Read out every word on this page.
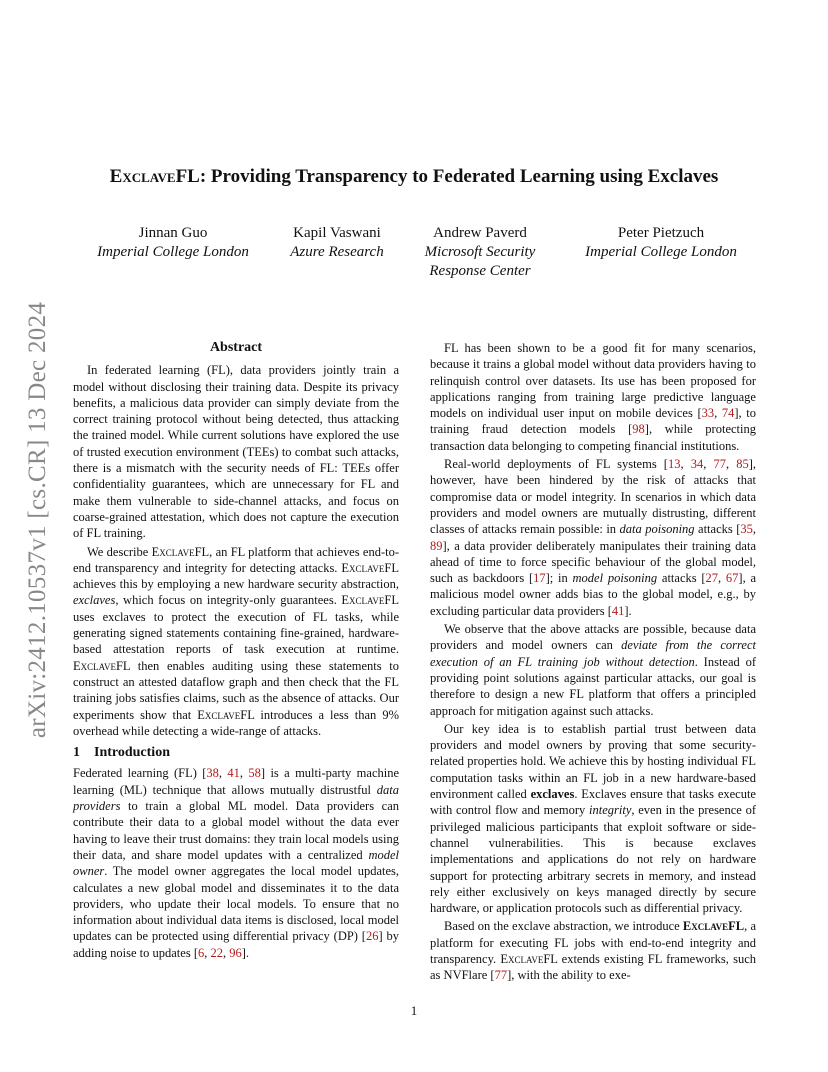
arXiv:2412.10537v1 [cs.CR] 13 Dec 2024
ExclaveFL: Providing Transparency to Federated Learning using Exclaves
Jinnan Guo
Imperial College London
Kapil Vaswani
Azure Research
Andrew Paverd
Microsoft Security
Response Center
Peter Pietzuch
Imperial College London
Abstract

In federated learning (FL), data providers jointly train a model without disclosing their training data. Despite its privacy benefits, a malicious data provider can simply deviate from the correct training protocol without being detected, thus attacking the trained model. While current solutions have explored the use of trusted execution environment (TEEs) to combat such attacks, there is a mismatch with the security needs of FL: TEEs offer confidentiality guarantees, which are unnecessary for FL and make them vulnerable to side-channel attacks, and focus on coarse-grained attestation, which does not capture the execution of FL training.

We describe ExclaveFL, an FL platform that achieves end-to-end transparency and integrity for detecting attacks. ExclaveFL achieves this by employing a new hardware security abstraction, exclaves, which focus on integrity-only guarantees. ExclaveFL uses exclaves to protect the execution of FL tasks, while generating signed statements containing fine-grained, hardware-based attestation reports of task execution at runtime. ExclaveFL then enables auditing using these statements to construct an attested dataflow graph and then check that the FL training jobs satisfies claims, such as the absence of attacks. Our experiments show that ExclaveFL introduces a less than 9% overhead while detecting a wide-range of attacks.

1 Introduction

Federated learning (FL) [38, 41, 58] is a multi-party machine learning (ML) technique that allows mutually distrustful data providers to train a global ML model. Data providers can contribute their data to a global model without the data ever having to leave their trust domains: they train local models using their data, and share model updates with a centralized model owner. The model owner aggregates the local model updates, calculates a new global model and disseminates it to the data providers, who update their local models. To ensure that no information about individual data items is disclosed, local model updates can be protected using differential privacy (DP) [26] by adding noise to updates [6, 22, 96].

FL has been shown to be a good fit for many scenarios, because it trains a global model without data providers having to relinquish control over datasets. Its use has been proposed for applications ranging from training large predictive language models on individual user input on mobile devices [33, 74], to training fraud detection models [98], while protecting transaction data belonging to competing financial institutions.

Real-world deployments of FL systems [13, 34, 77, 85], however, have been hindered by the risk of attacks that compromise data or model integrity. In scenarios in which data providers and model owners are mutually distrusting, different classes of attacks remain possible: in data poisoning attacks [35, 89], a data provider deliberately manipulates their training data ahead of time to force specific behaviour of the global model, such as backdoors [17]; in model poisoning attacks [27, 67], a malicious model owner adds bias to the global model, e.g., by excluding particular data providers [41].

We observe that the above attacks are possible, because data providers and model owners can deviate from the correct execution of an FL training job without detection. Instead of providing point solutions against particular attacks, our goal is therefore to design a new FL platform that offers a principled approach for mitigation against such attacks.

Our key idea is to establish partial trust between data providers and model owners by proving that some security-related properties hold. We achieve this by hosting individual FL computation tasks within an FL job in a new hardware-based environment called exclaves. Exclaves ensure that tasks execute with control flow and memory integrity, even in the presence of privileged malicious participants that exploit software or side-channel vulnerabilities. This is because exclaves implementations and applications do not rely on hardware support for protecting arbitrary secrets in memory, and instead rely either exclusively on keys managed directly by secure hardware, or application protocols such as differential privacy.

Based on the exclave abstraction, we introduce ExclaveFL, a platform for executing FL jobs with end-to-end integrity and transparency. ExclaveFL extends existing FL frameworks, such as NVFlare [77], with the ability to exe-

1
